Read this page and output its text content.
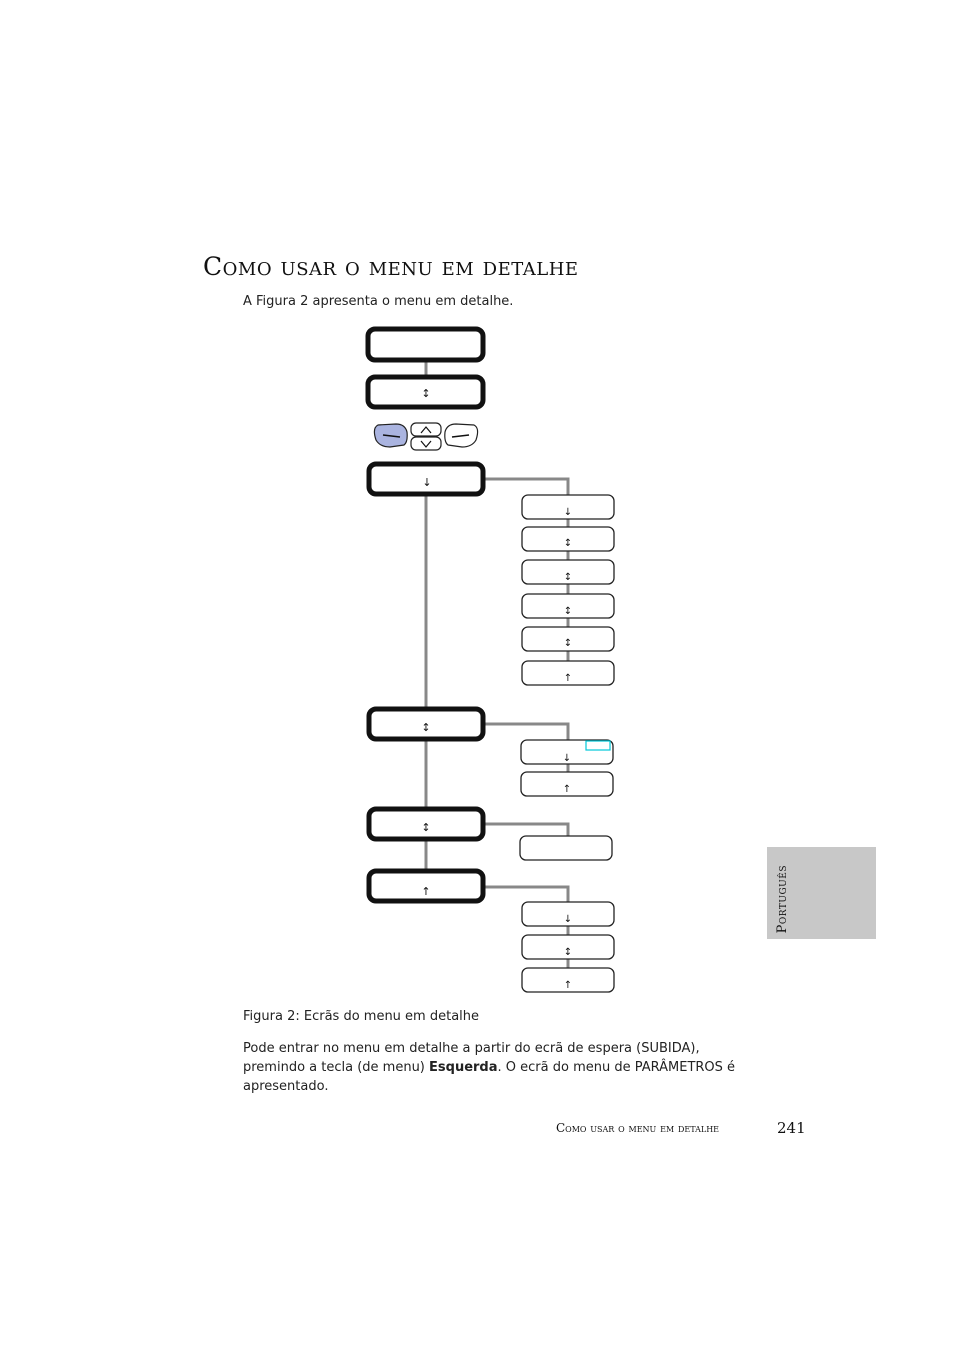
Como usar o menu em detalhe

A Figura 2 apresenta o menu em detalhe.

↕
↓
↓
↕
↕
↕
↕
↑
↕
↓
↑
↕
↑
↓
↕
↑

Figura 2: Ecrãs do menu em detalhe

Pode entrar no menu em detalhe a partir do ecrã de espera (SUBIDA), premindo a tecla (de menu) Esquerda. O ecrã do menu de PARÂMETROS é apresentado.

Como usar o menu em detalhe	241
Português
